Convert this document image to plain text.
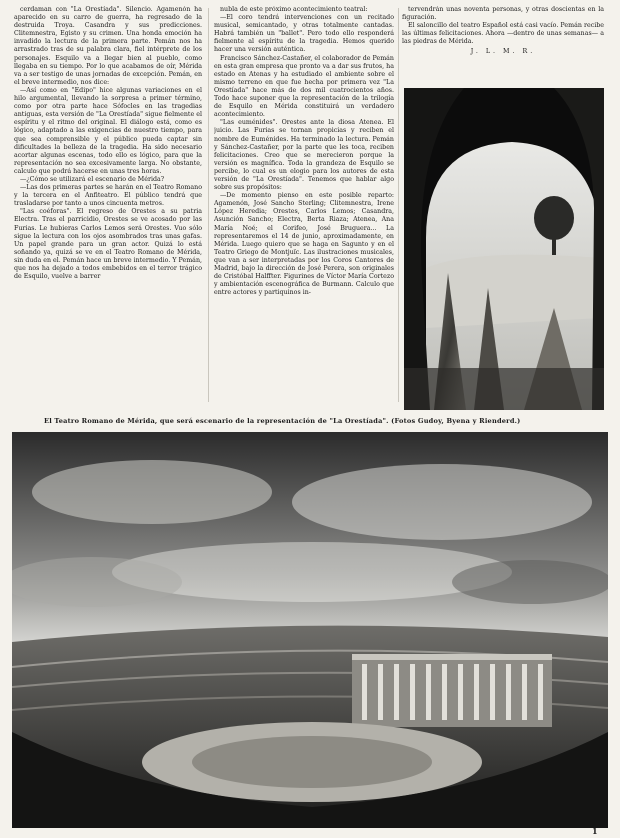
cerdaman con "La Orestíada". Silencio. Agamenón ha aparecido en su carro de guerra, ha regresado de la destruida Troya. Casandra y sus predicciones. Clitemnestra, Egisto y su crimen. Una honda emoción ha invadido la lectura de la primera parte. Pemán nos ha arrastrado tras de su palabra clara, fiel intérprete de los personajes. Esquilo va a llegar bien al pueblo, como llegaba en su tiempo. Por lo que acabamos de oír, Mérida va a ser testigo de unas jornadas de excepción. Pemán, en el breve intermedio, nos dice:

—Así como en "Edipo" hice algunas variaciones en el hilo argumental, llevando la sorpresa a primer término, como por otra parte hace Sófocles en las tragedias antiguas, esta versión de "La Orestíada" sigue fielmente el espíritu y el ritmo del original. El diálogo está, como es lógico, adaptado a las exigencias de nuestro tiempo, para que sea comprensible y el público pueda captar sin dificultades la belleza de la tragedia. Ha sido necesario acortar algunas escenas, todo ello es lógico, para que la representación no sea excesivamente larga. No obstante, calculo que podrá hacerse en unas tres horas.

—¿Cómo se utilizará el escenario de Mérida?

—Las dos primeras partes se harán en el Teatro Romano y la tercera en el Anfiteatro. El público tendrá que trasladarse por tanto a unos cincuenta metros.

"Las coéforas". El regreso de Orestes a su patria Electra. Tras el parricidio, Orestes se ve acosado por las Furias. Le hubieras Carlos Lemos será Orestes. Vuo sólo sigue la lectura con los ojos asombrados tras unas gafas. Un papel grande para un gran actor. Quizá lo está soñando ya, quizá se ve en el Teatro Romano de Mérida, sin duda en el. Pemán hace un breve intermedio. Y Pemán, que nos ha dejado a todos embebidos en el terror trágico de Esquilo, vuelve a barrer

nubla de este próximo acontecimiento teatral:

—El coro tendrá intervenciones con un recitado musical, semicantado, y otras totalmente cantadas. Habrá también un "ballet". Pero todo ello responderá fielmente al espíritu de la tragedia. Hemos querido hacer una versión auténtica.

Francisco Sánchez-Castañer, el colaborador de Pemán en esta gran empresa que pronto va a dar sus frutos, ha estado en Atenas y ha estudiado el ambiente sobre el mismo terreno en que fue hecha por primera vez "La Orestíada" hace más de dos mil cuatrocientos años. Todo hace suponer que la representación de la trilogía de Esquilo en Mérida constituirá un verdadero acontecimiento.

"Las euménides". Orestes ante la diosa Atenea. El juicio. Las Furias se tornan propicias y reciben el nombre de Euménides. Ha terminado la lectura. Pemán y Sánchez-Castañer, por la parte que les toca, reciben felicitaciones. Creo que se merecieron porque la versión es magnífica. Toda la grandeza de Esquilo se percibe, lo cual es un elogio para los autores de esta versión de "La Orestíada". Tenemos que hablar algo sobre sus propósitos:

—De momento pienso en este posible reparto: Agamenón, José Sancho Sterling; Clitemnestra, Irene López Heredia; Orestes, Carlos Lemos; Casandra, Asunción Sancho; Electra, Berta Riaza; Atenea, Ana María Noé; el Corifeo, José Bruguera... La representaremos el 14 de junio, aproximadamente, en Mérida. Luego quiero que se haga en Sagunto y en el Teatro Griego de Montjuïc. Las ilustraciones musicales, que van a ser interpretadas por los Coros Cantores de Madrid, bajo la dirección de José Perera, son originales de Cristóbal Halffter. Figurines de Víctor María Cortezo y ambientación escenográfica de Burmann. Calculo que entre actores y partiquinos in-

tervendrán unas noventa personas, y otras doscientas en la figuración.

El saloncillo del teatro Español está casi vacío. Pemán recibe las últimas felicitaciones. Ahora —dentro de unas semanas— a las piedras de Mérida.

J. L. M. R.

El Teatro Romano de Mérida, que será escenario de la representación de "La Orestíada". (Fotos Gudoy, Byena y Rienderd.)
1
